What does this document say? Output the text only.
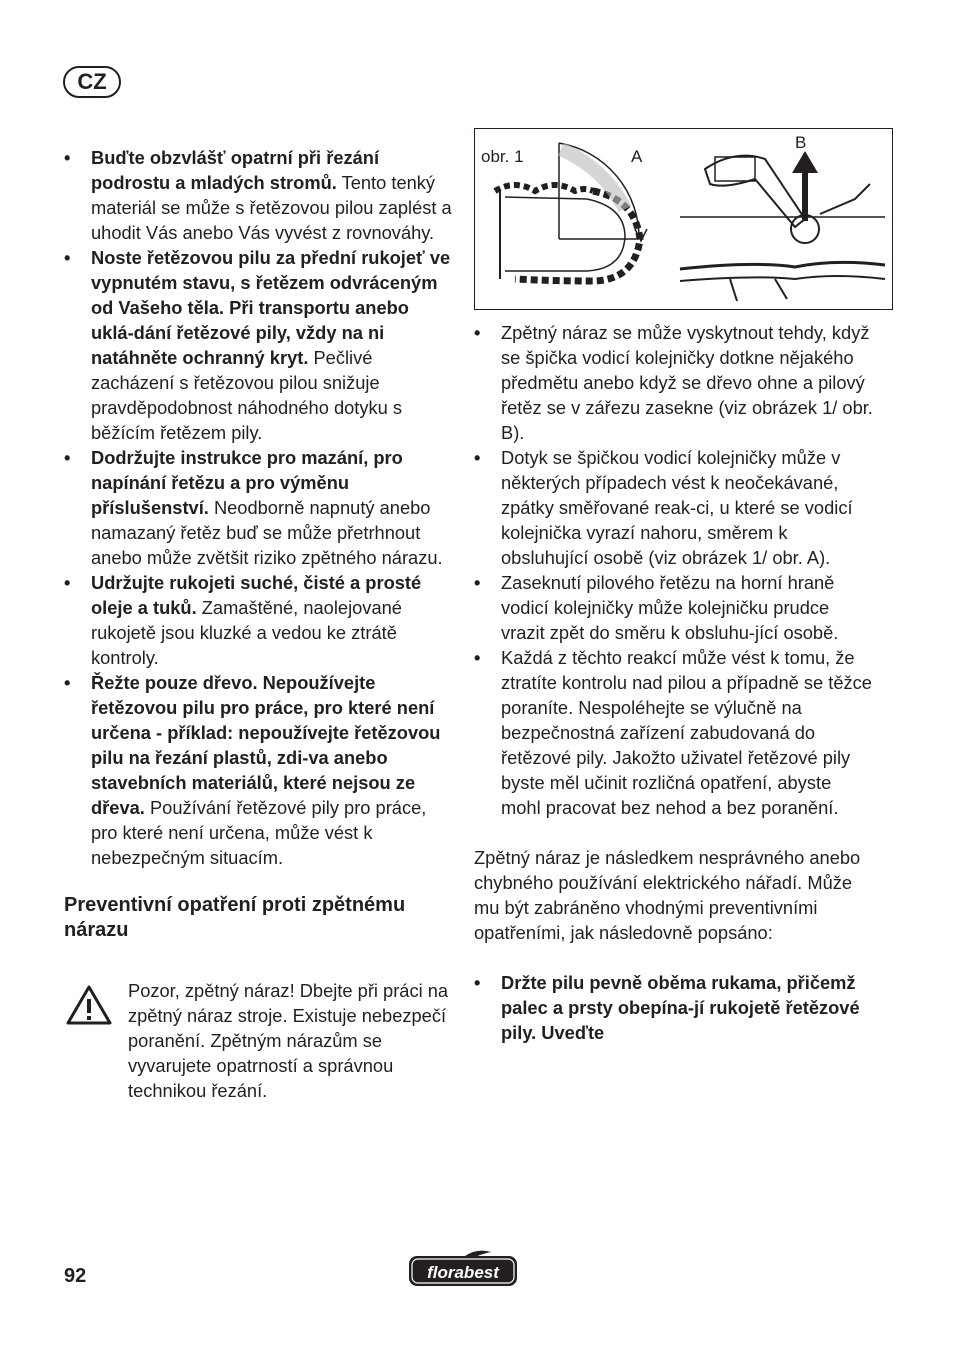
CZ
• Buďte obzvlášť opatrní při řezání podrostu a mladých stromů. Tento tenký materiál se může s řetězovou pilou zaplést a uhodit Vás anebo Vás vyvést z rovnováhy.
• Noste řetězovou pilu za přední rukojeť ve vypnutém stavu, s řetězem odvráceným od Vašeho těla. Při transportu anebo uklá-dání řetězové pily, vždy na ni natáhněte ochranný kryt. Pečlivé zacházení s řetězovou pilou snižuje pravděpodobnost náhodného dotyku s běžícím řetězem pily.
• Dodržujte instrukce pro mazání, pro napínání řetězu a pro výměnu příslušenství. Neodborně napnutý anebo namazaný řetěz buď se může přetrhnout anebo může zvětšit riziko zpětného nárazu.
• Udržujte rukojeti suché, čisté a prosté oleje a tuků. Zamaštěné, naolejované rukojetě jsou kluzké a vedou ke ztrátě kontroly.
• Řežte pouze dřevo. Nepoužívejte řetězovou pilu pro práce, pro které není určena - příklad: nepoužívejte řetězovou pilu na řezání plastů, zdi-va anebo stavebních materiálů, které nejsou ze dřeva. Používání řetězové pily pro práce, pro které není určena, může vést k nebezpečným situacím.
Preventivní opatření proti zpětnému nárazu
Pozor, zpětný náraz! Dbejte při práci na zpětný náraz stroje. Existuje nebezpečí poranění. Zpětným nárazům se vyvarujete opatrností a správnou technikou řezání.
obr. 1	A
B
• Zpětný náraz se může vyskytnout tehdy, když se špička vodicí kolejničky dotkne nějakého předmětu anebo když se dřevo ohne a pilový řetěz se v zářezu zasekne (viz obrázek 1/ obr. B).
• Dotyk se špičkou vodicí kolejničky může v některých případech vést k neočekávané, zpátky směřované reak-ci, u které se vodicí kolejnička vyrazí nahoru, směrem k obsluhující osobě (viz obrázek 1/ obr. A).
• Zaseknutí pilového řetězu na horní hraně vodicí kolejničky může kolejničku prudce vrazit zpět do směru k obsluhu-jící osobě.
• Každá z těchto reakcí může vést k tomu, že ztratíte kontrolu nad pilou a případně se těžce poraníte. Nespoléhejte se výlučně na bezpečnostná zařízení zabudovaná do řetězové pily. Jakožto uživatel řetězové pily byste měl učinit rozličná opatření, abyste mohl pracovat bez nehod a bez poranění.
Zpětný náraz je následkem nesprávného anebo chybného používání elektrického nářadí. Může mu být zabráněno vhodnými preventivními opatřeními, jak následovně popsáno:
• Držte pilu pevně oběma rukama, přičemž palec a prsty obepína-jí rukojetě řetězové pily. Uveďte
92	florabest
